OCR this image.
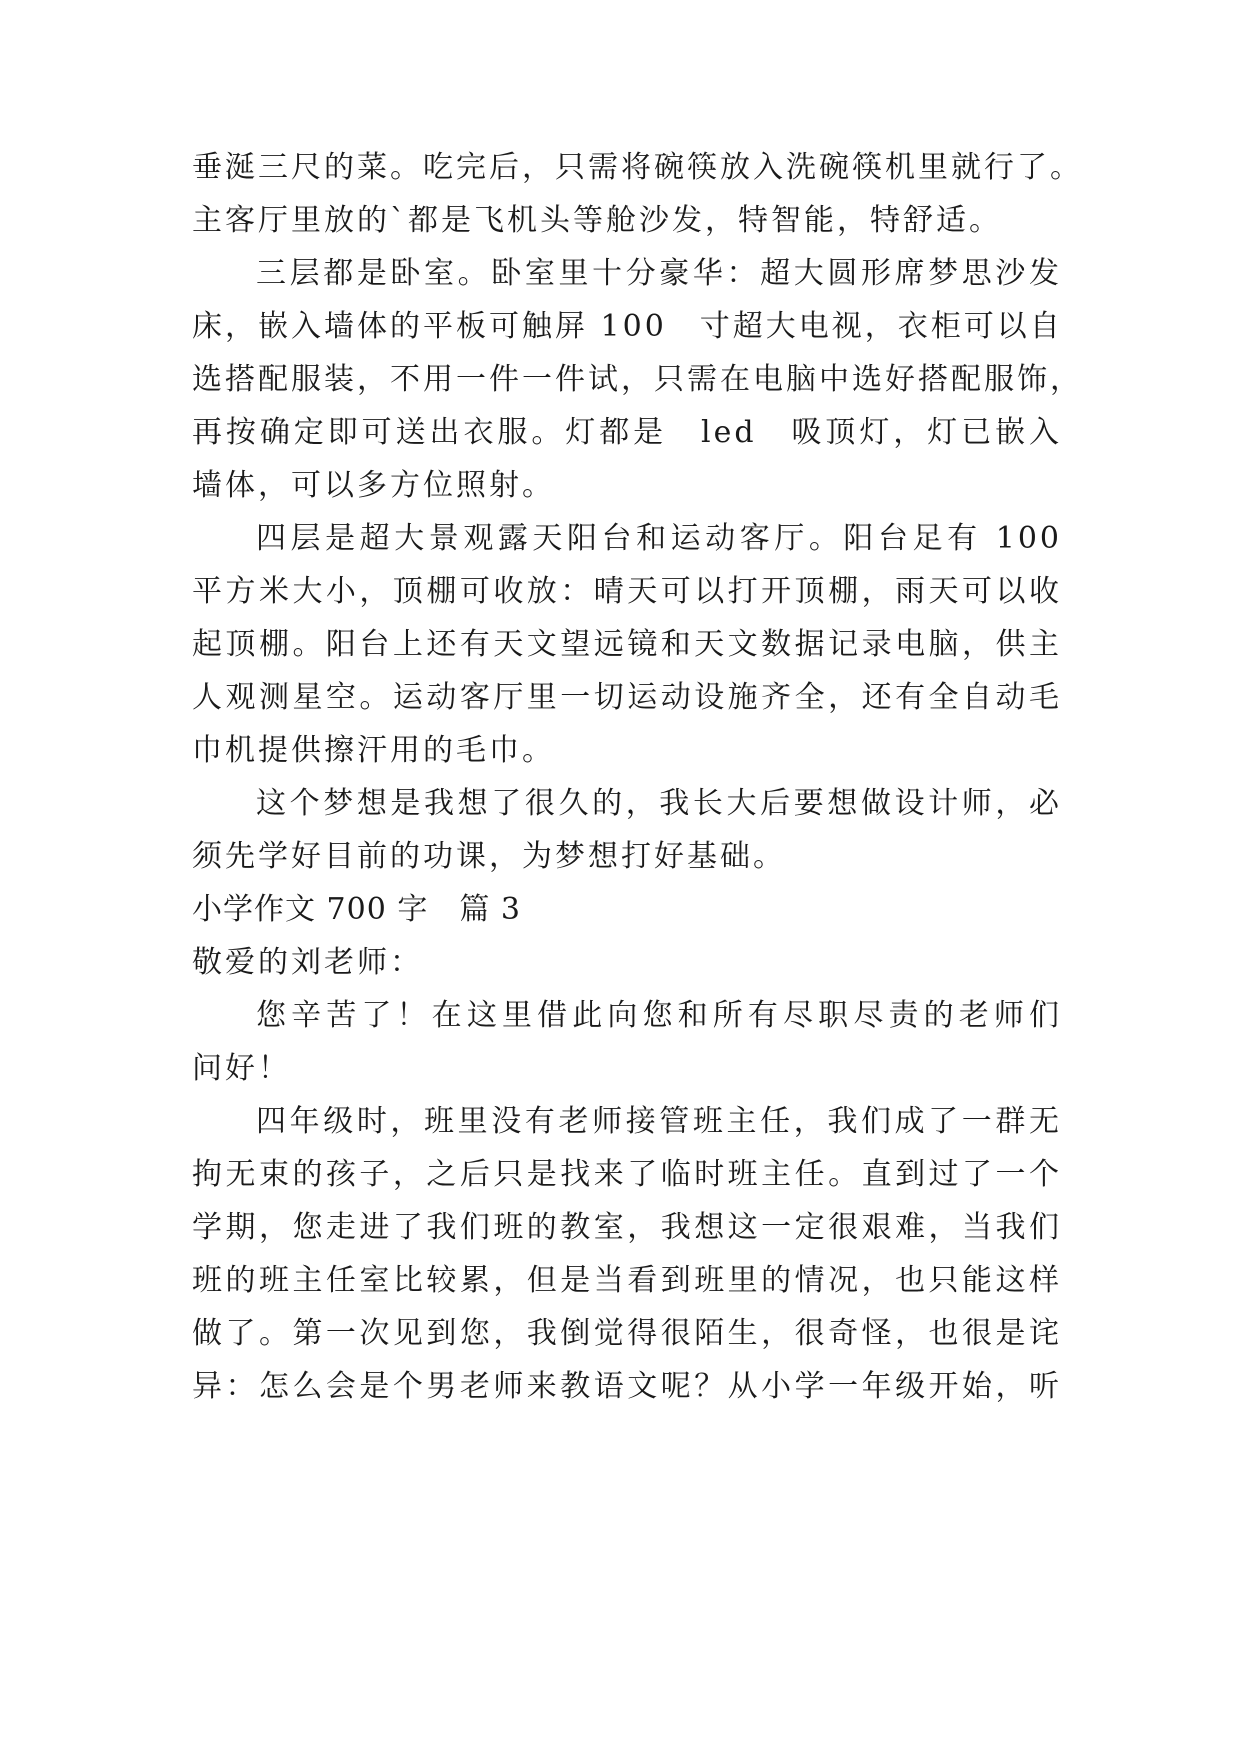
垂涎三尺的菜。吃完后，只需将碗筷放入洗碗筷机里就行了。
主客厅里放的`都是飞机头等舱沙发，特智能，特舒适。
三层都是卧室。卧室里十分豪华：超大圆形席梦思沙发
床，嵌入墙体的平板可触屏 100　寸超大电视，衣柜可以自
选搭配服装，不用一件一件试，只需在电脑中选好搭配服饰，
再按确定即可送出衣服。灯都是　led　吸顶灯，灯已嵌入
墙体，可以多方位照射。
四层是超大景观露天阳台和运动客厅。阳台足有 100
平方米大小，顶棚可收放：晴天可以打开顶棚，雨天可以收
起顶棚。阳台上还有天文望远镜和天文数据记录电脑，供主
人观测星空。运动客厅里一切运动设施齐全，还有全自动毛
巾机提供擦汗用的毛巾。
这个梦想是我想了很久的，我长大后要想做设计师，必
须先学好目前的功课，为梦想打好基础。
小学作文 700 字　篇 3
敬爱的刘老师：
您辛苦了！在这里借此向您和所有尽职尽责的老师们
问好！
四年级时，班里没有老师接管班主任，我们成了一群无
拘无束的孩子，之后只是找来了临时班主任。直到过了一个
学期，您走进了我们班的教室，我想这一定很艰难，当我们
班的班主任室比较累，但是当看到班里的情况，也只能这样
做了。第一次见到您，我倒觉得很陌生，很奇怪，也很是诧
异：怎么会是个男老师来教语文呢？从小学一年级开始，听
